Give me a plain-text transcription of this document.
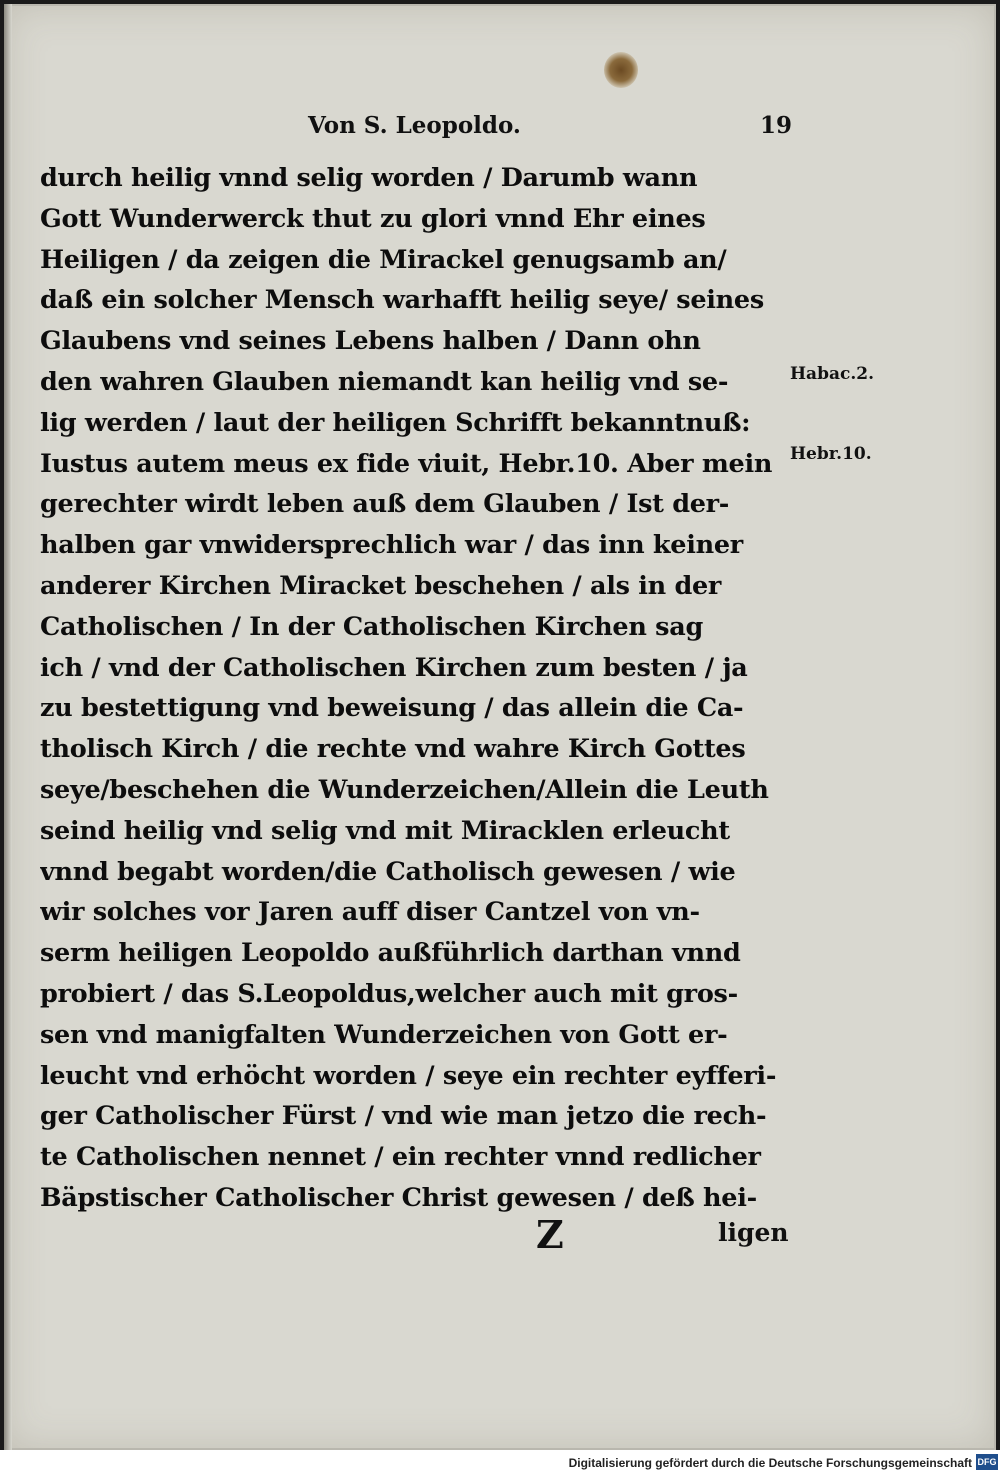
Von S. Leopoldo.	19
durch heilig vnnd selig worden / Darumb wann
Gott Wunderwerck thut zu glori vnnd Ehr eines
Heiligen / da zeigen die Mirackel genugsamb an/
daß ein solcher Mensch warhafft heilig seye/ seines
Glaubens vnd seines Lebens halben / Dann ohn
den wahren Glauben niemandt kan heilig vnd se-
lig werden / laut der heiligen Schrifft bekanntnuß:
Iustus autem meus ex fide viuit, Hebr.10. Aber mein
gerechter wirdt leben auß dem Glauben / Ist der-
halben gar vnwidersprechlich war / das inn keiner
anderer Kirchen Miracket beschehen / als in der
Catholischen / In der Catholischen Kirchen sag
ich / vnd der Catholischen Kirchen zum besten / ja
zu bestettigung vnd beweisung / das allein die Ca-
tholisch Kirch / die rechte vnd wahre Kirch Gottes
seye/beschehen die Wunderzeichen/Allein die Leuth
seind heilig vnd selig vnd mit Miracklen erleucht
vnnd begabt worden/die Catholisch gewesen / wie
wir solches vor Jaren auff diser Cantzel von vn-
serm heiligen Leopoldo außführlich darthan vnnd
probiert / das S.Leopoldus,welcher auch mit gros-
sen vnd manigfalten Wunderzeichen von Gott er-
leucht vnd erhöcht worden / seye ein rechter eyfferi-
ger Catholischer Fürst / vnd wie man jetzo die rech-
te Catholischen nennet / ein rechter vnnd redlicher
Bäpstischer Catholischer Christ gewesen / deß hei-
Habac.2.
Hebr.10.
Z	ligen
Digitalisierung gefördert durch die Deutsche Forschungsgemeinschaft DFG
